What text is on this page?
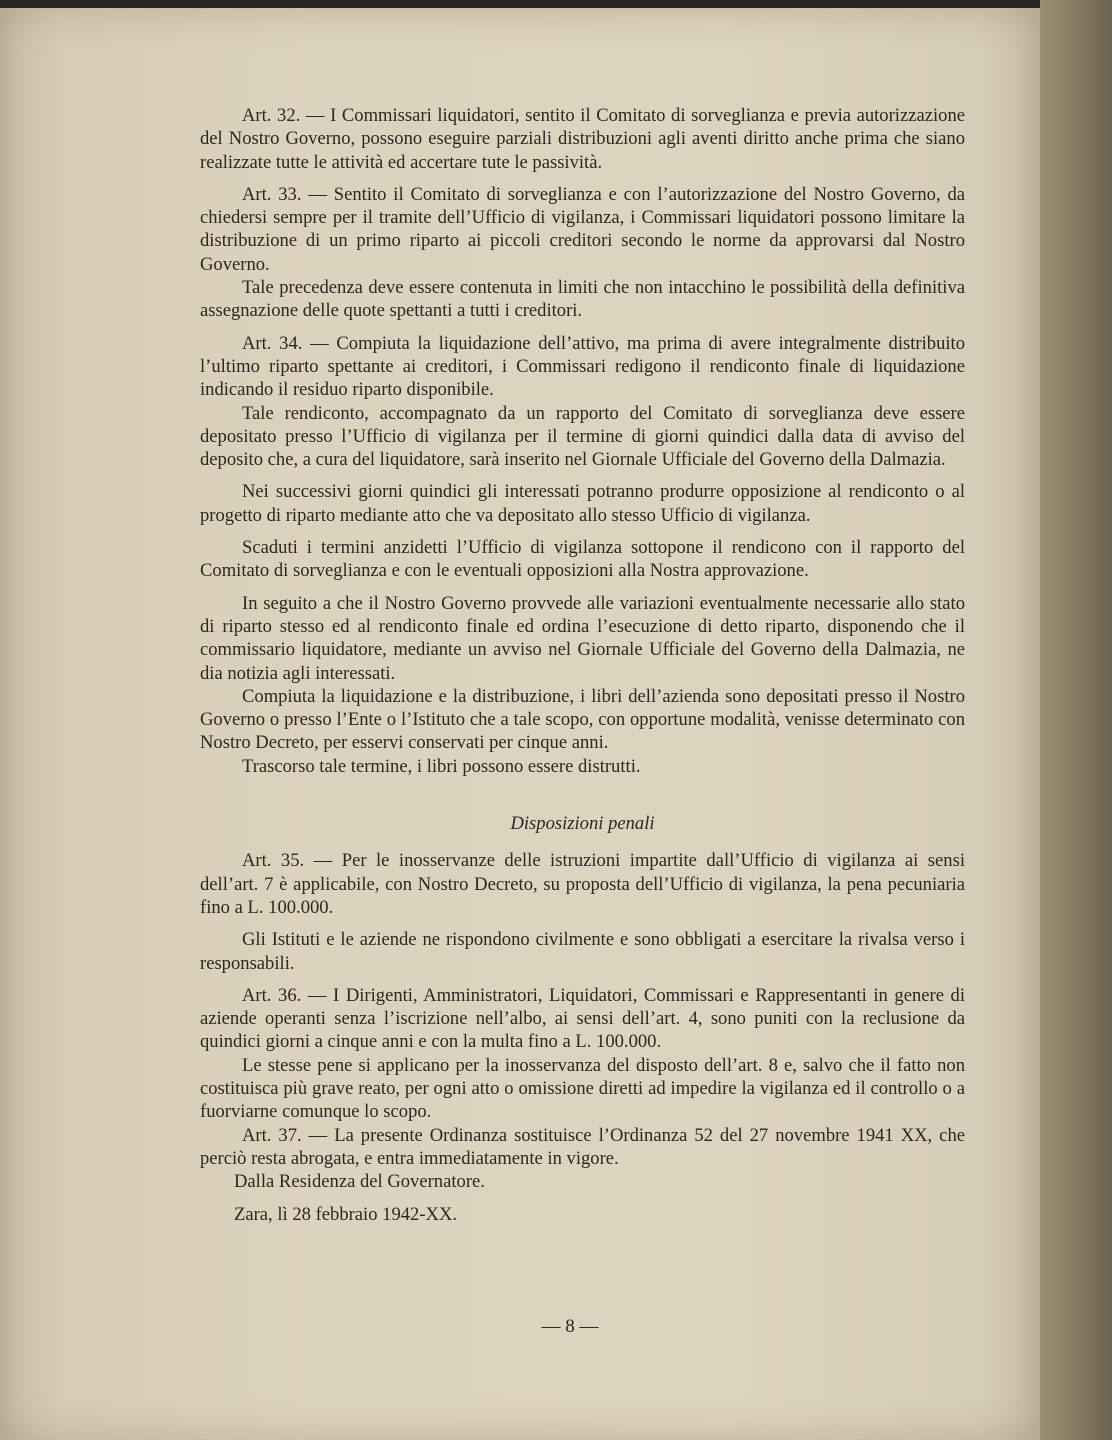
Art. 32. — I Commissari liquidatori, sentito il Comitato di sorveglianza e previa autorizzazione del Nostro Governo, possono eseguire parziali distribuzioni agli aventi diritto anche prima che siano realizzate tutte le attività ed accertare tute le passività.

Art. 33. — Sentito il Comitato di sorveglianza e con l’autorizzazione del Nostro Governo, da chiedersi sempre per il tramite dell’Ufficio di vigilanza, i Commissari liquidatori possono limitare la distribuzione di un primo riparto ai piccoli creditori secondo le norme da approvarsi dal Nostro Governo.

Tale precedenza deve essere contenuta in limiti che non intacchino le possibilità della definitiva assegnazione delle quote spettanti a tutti i creditori.

Art. 34. — Compiuta la liquidazione dell’attivo, ma prima di avere integralmente distribuito l’ultimo riparto spettante ai creditori, i Commissari redigono il rendiconto finale di liquidazione indicando il residuo riparto disponibile.

Tale rendiconto, accompagnato da un rapporto del Comitato di sorveglianza deve essere depositato presso l’Ufficio di vigilanza per il termine di giorni quindici dalla data di avviso del deposito che, a cura del liquidatore, sarà inserito nel Giornale Ufficiale del Governo della Dalmazia.

Nei successivi giorni quindici gli interessati potranno produrre opposizione al rendiconto o al progetto di riparto mediante atto che va depositato allo stesso Ufficio di vigilanza.

Scaduti i termini anzidetti l’Ufficio di vigilanza sottopone il rendicono con il rapporto del Comitato di sorveglianza e con le eventuali opposizioni alla Nostra approvazione.

In seguito a che il Nostro Governo provvede alle variazioni eventualmente necessarie allo stato di riparto stesso ed al rendiconto finale ed ordina l’esecuzione di detto riparto, disponendo che il commissario liquidatore, mediante un avviso nel Giornale Ufficiale del Governo della Dalmazia, ne dia notizia agli interessati.

Compiuta la liquidazione e la distribuzione, i libri dell’azienda sono depositati presso il Nostro Governo o presso l’Ente o l’Istituto che a tale scopo, con opportune modalità, venisse determinato con Nostro Decreto, per esservi conservati per cinque anni.

Trascorso tale termine, i libri possono essere distrutti.

Disposizioni penali

Art. 35. — Per le inosservanze delle istruzioni impartite dall’Ufficio di vigilanza ai sensi dell’art. 7 è applicabile, con Nostro Decreto, su proposta dell’Ufficio di vigilanza, la pena pecuniaria fino a L. 100.000.

Gli Istituti e le aziende ne rispondono civilmente e sono obbligati a esercitare la rivalsa verso i responsabili.

Art. 36. — I Dirigenti, Amministratori, Liquidatori, Commissari e Rappresentanti in genere di aziende operanti senza l’iscrizione nell’albo, ai sensi dell’art. 4, sono puniti con la reclusione da quindici giorni a cinque anni e con la multa fino a L. 100.000.

Le stesse pene si applicano per la inosservanza del disposto dell’art. 8 e, salvo che il fatto non costituisca più grave reato, per ogni atto o omissione diretti ad impedire la vigilanza ed il controllo o a fuorviarne comunque lo scopo.

Art. 37. — La presente Ordinanza sostituisce l’Ordinanza 52 del 27 novembre 1941 XX, che perciò resta abrogata, e entra immediatamente in vigore.

Dalla Residenza del Governatore.

Zara, lì 28 febbraio 1942-XX.

— 8 —
